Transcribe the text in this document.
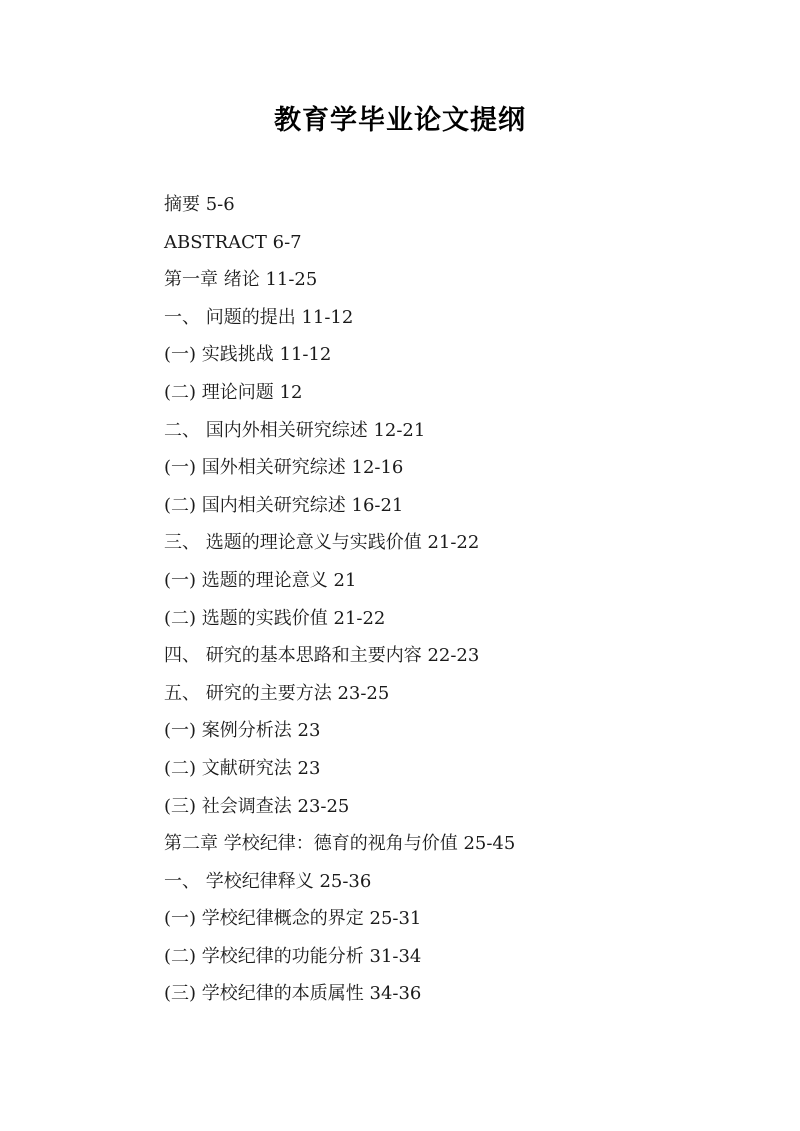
教育学毕业论文提纲
摘要 5-6
ABSTRACT 6-7
第一章 绪论 11-25
一、 问题的提出 11-12
(一) 实践挑战 11-12
(二) 理论问题 12
二、 国内外相关研究综述 12-21
(一) 国外相关研究综述 12-16
(二) 国内相关研究综述 16-21
三、 选题的理论意义与实践价值 21-22
(一) 选题的理论意义 21
(二) 选题的实践价值 21-22
四、 研究的基本思路和主要内容 22-23
五、 研究的主要方法 23-25
(一) 案例分析法 23
(二) 文献研究法 23
(三) 社会调查法 23-25
第二章 学校纪律：德育的视角与价值 25-45
一、 学校纪律释义 25-36
(一) 学校纪律概念的界定 25-31
(二) 学校纪律的功能分析 31-34
(三) 学校纪律的本质属性 34-36
